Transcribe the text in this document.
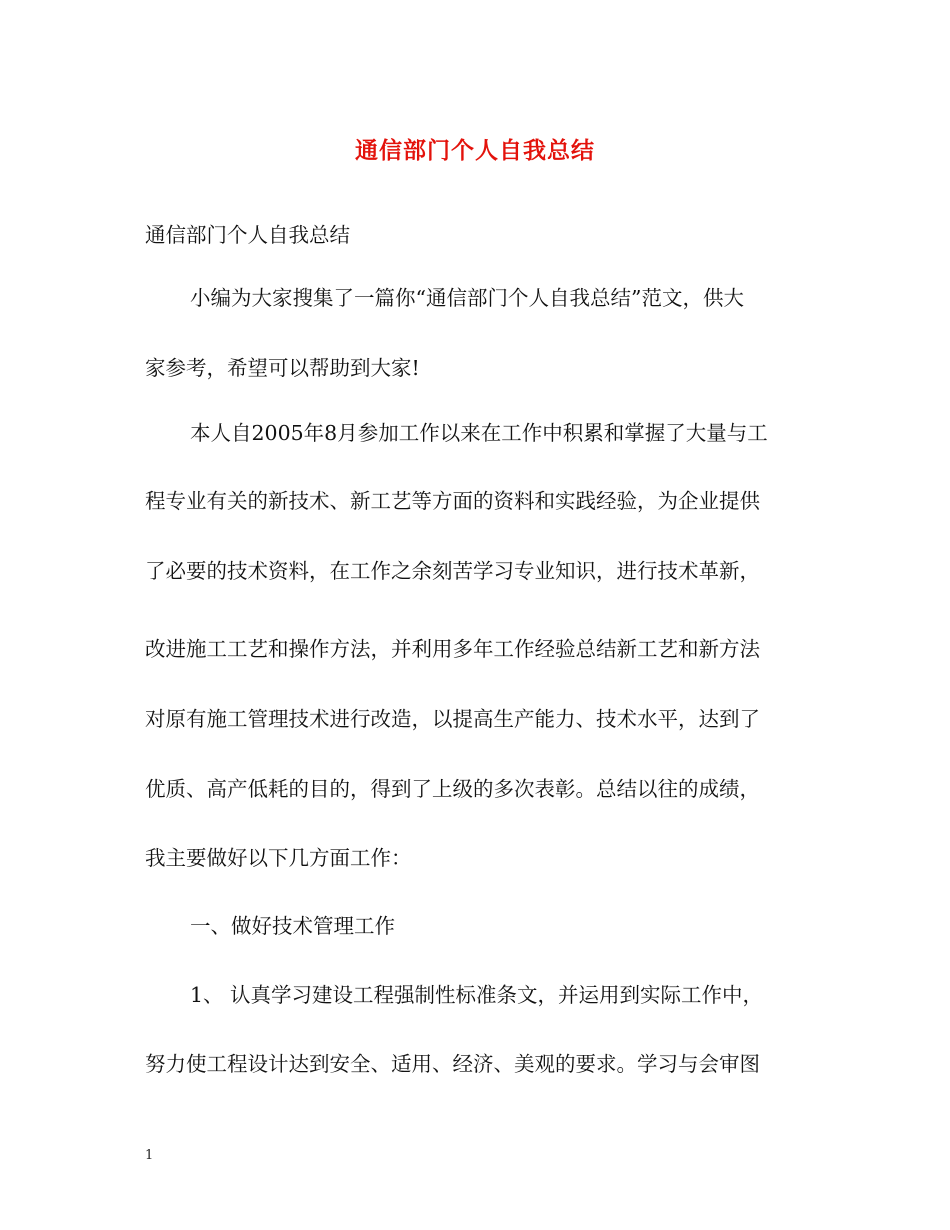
通信部门个人自我总结
通信部门个人自我总结
小编为大家搜集了一篇你“通信部门个人自我总结”范文，供大
家参考，希望可以帮助到大家!
本人自2005年8月参加工作以来在工作中积累和掌握了大量与工
程专业有关的新技术、新工艺等方面的资料和实践经验，为企业提供
了必要的技术资料，在工作之余刻苦学习专业知识，进行技术革新，
改进施工工艺和操作方法，并利用多年工作经验总结新工艺和新方法
对原有施工管理技术进行改造，以提高生产能力、技术水平，达到了
优质、高产低耗的目的，得到了上级的多次表彰。总结以往的成绩，
我主要做好以下几方面工作：
一、做好技术管理工作
1、 认真学习建设工程强制性标准条文，并运用到实际工作中，
努力使工程设计达到安全、适用、经济、美观的要求。学习与会审图
1
